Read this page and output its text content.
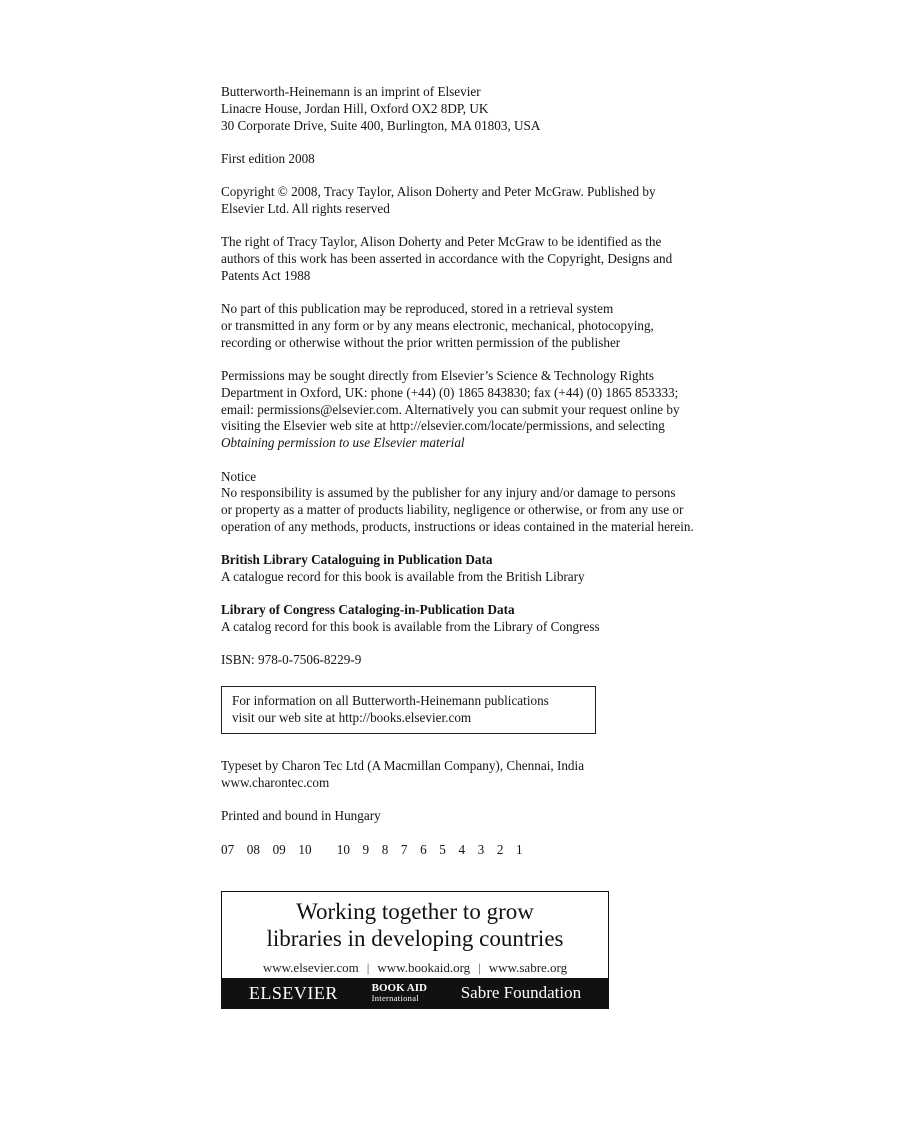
Butterworth-Heinemann is an imprint of Elsevier
Linacre House, Jordan Hill, Oxford OX2 8DP, UK
30 Corporate Drive, Suite 400, Burlington, MA 01803, USA
First edition 2008
Copyright © 2008, Tracy Taylor, Alison Doherty and Peter McGraw. Published by
Elsevier Ltd. All rights reserved
The right of Tracy Taylor, Alison Doherty and Peter McGraw to be identified as the
authors of this work has been asserted in accordance with the Copyright, Designs and
Patents Act 1988
No part of this publication may be reproduced, stored in a retrieval system
or transmitted in any form or by any means electronic, mechanical, photocopying,
recording or otherwise without the prior written permission of the publisher
Permissions may be sought directly from Elsevier’s Science & Technology Rights
Department in Oxford, UK: phone (+44) (0) 1865 843830; fax (+44) (0) 1865 853333;
email: permissions@elsevier.com. Alternatively you can submit your request online by
visiting the Elsevier web site at http://elsevier.com/locate/permissions, and selecting
Obtaining permission to use Elsevier material
Notice
No responsibility is assumed by the publisher for any injury and/or damage to persons
or property as a matter of products liability, negligence or otherwise, or from any use or
operation of any methods, products, instructions or ideas contained in the material herein.
British Library Cataloguing in Publication Data
A catalogue record for this book is available from the British Library
Library of Congress Cataloging-in-Publication Data
A catalog record for this book is available from the Library of Congress
ISBN: 978-0-7506-8229-9
For information on all Butterworth-Heinemann publications
visit our web site at http://books.elsevier.com
Typeset by Charon Tec Ltd (A Macmillan Company), Chennai, India
www.charontec.com
Printed and bound in Hungary
07  08  09  10    10  9  8  7  6  5  4  3  2  1
Working together to grow
libraries in developing countries
www.elsevier.com | www.bookaid.org | www.sabre.org
ELSEVIER	BOOK AID
International	Sabre Foundation
